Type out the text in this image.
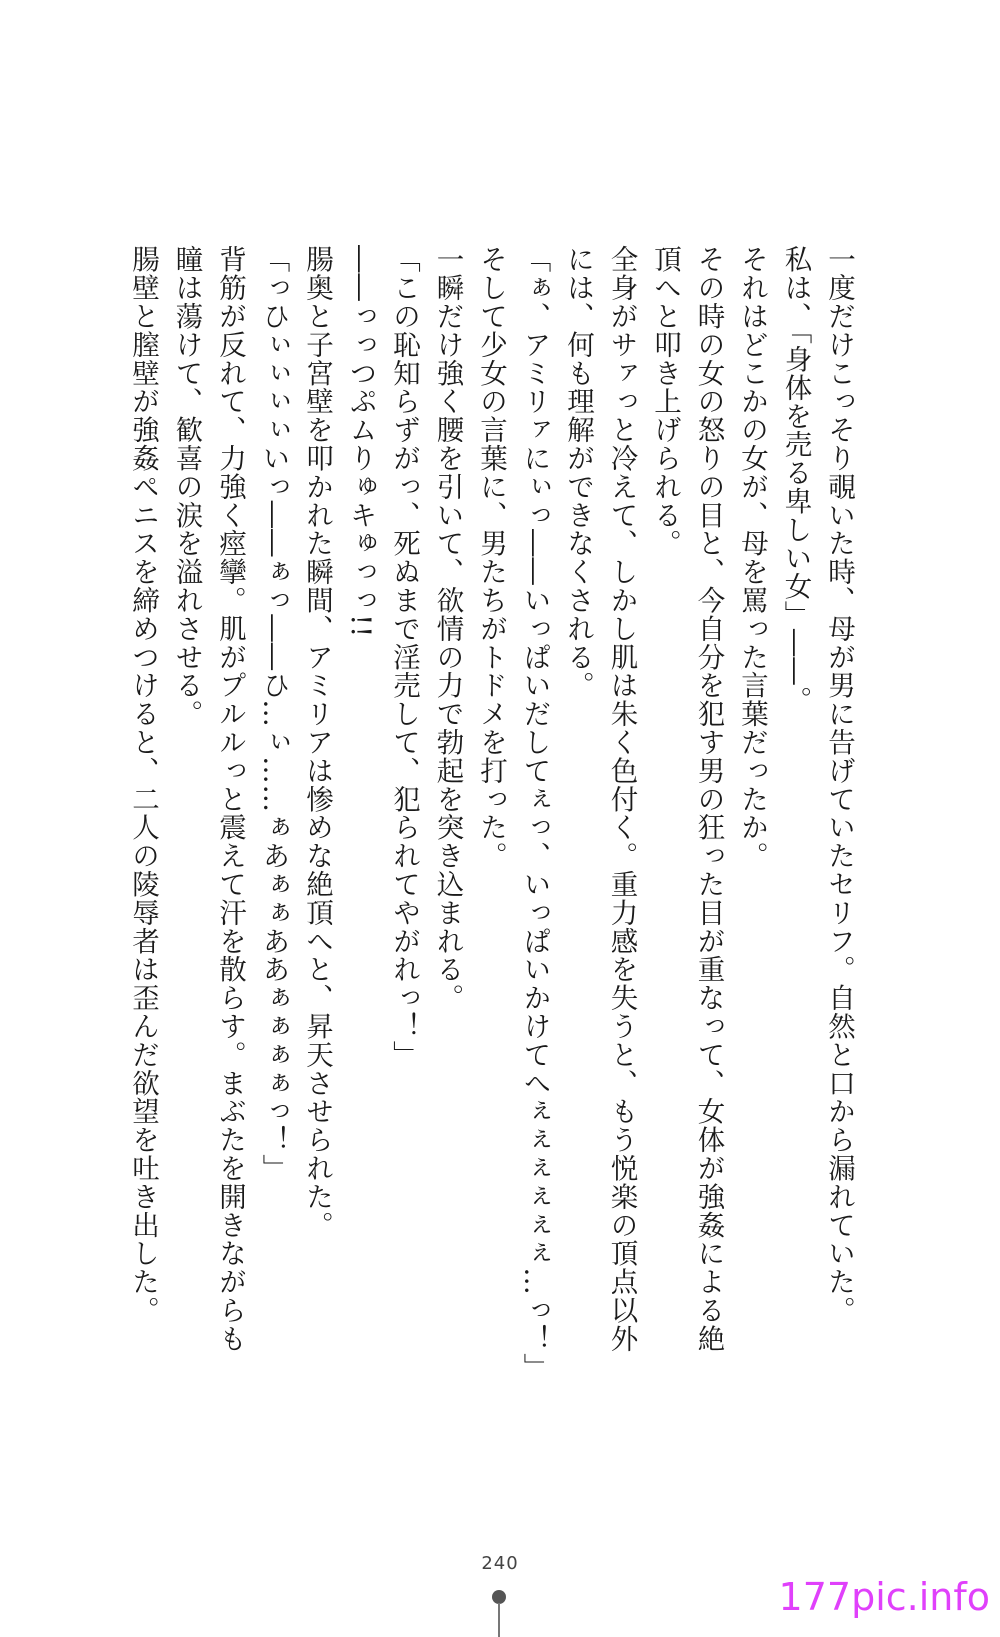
一度だけこっそり覗いた時、母が男に告げていたセリフ。自然と口から漏れていた。

私は、「身体を売る卑しい女」――。

それはどこかの女が、母を罵った言葉だったか。

その時の女の怒りの目と、今自分を犯す男の狂った目が重なって、女体が強姦による絶

頂へと叩き上げられる。

全身がサァっと冷えて、しかし肌は朱く色付く。重力感を失うと、もう悦楽の頂点以外

には、何も理解ができなくされる。

「ぁ、アミリァにぃっ――いっぱいだしてぇっ、いっぱいかけてへぇぇぇぇぇぇ…っ！」

そして少女の言葉に、男たちがトドメを打った。

一瞬だけ強く腰を引いて、欲情の力で勃起を突き込まれる。

「この恥知らずがっ、死ぬまで淫売して、犯られてやがれっ！」

――っっつぷムりゅキゅっっ!!

腸奥と子宮壁を叩かれた瞬間、アミリアは惨めな絶頂へと、昇天させられた。

「っひぃぃぃぃいっ――ぁっ――ひ…ぃ……ぁあぁぁああぁぁぁぁっ！」

背筋が反れて、力強く痙攣。肌がプルルっと震えて汗を散らす。まぶたを開きながらも

瞳は蕩けて、歓喜の涙を溢れさせる。

腸壁と膣壁が強姦ペニスを締めつけると、二人の陵辱者は歪んだ欲望を吐き出した。

240
177pic.info
